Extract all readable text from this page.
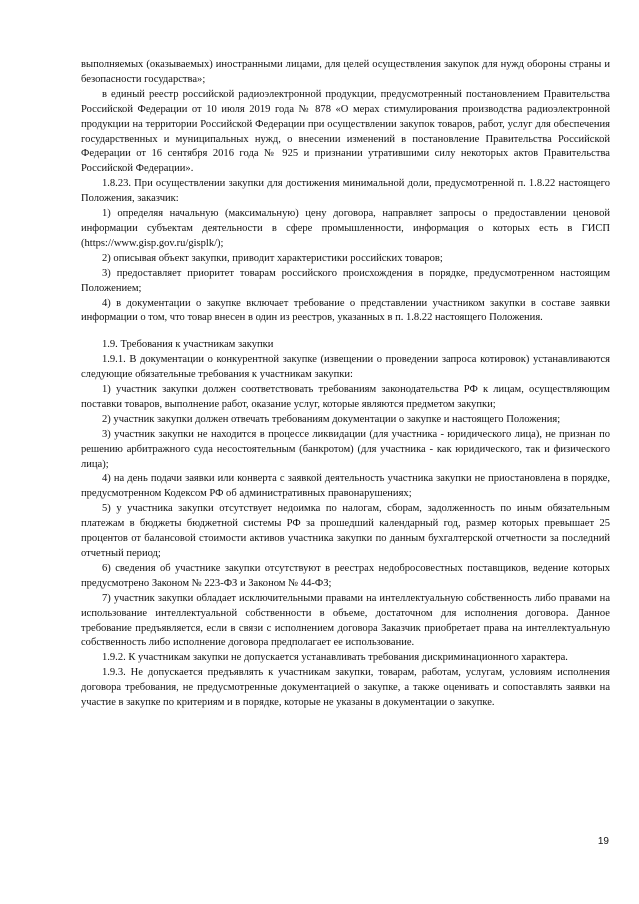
выполняемых (оказываемых) иностранными лицами, для целей осуществления закупок для нужд обороны страны и безопасности государства»;

в единый реестр российской радиоэлектронной продукции, предусмотренный постановлением Правительства Российской Федерации от 10 июля 2019 года № 878 «О мерах стимулирования производства радиоэлектронной продукции на территории Российской Федерации при осуществлении закупок товаров, работ, услуг для обеспечения государственных и муниципальных нужд, о внесении изменений в постановление Правительства Российской Федерации от 16 сентября 2016 года № 925 и признании утратившими силу некоторых актов Правительства Российской Федерации».

1.8.23. При осуществлении закупки для достижения минимальной доли, предусмотренной п. 1.8.22 настоящего Положения, заказчик:

1) определяя начальную (максимальную) цену договора, направляет запросы о предоставлении ценовой информации субъектам деятельности в сфере промышленности, информация о которых есть в ГИСП (https://www.gisp.gov.ru/gisplk/);

2) описывая объект закупки, приводит характеристики российских товаров;

3) предоставляет приоритет товарам российского происхождения в порядке, предусмотренном настоящим Положением;

4) в документации о закупке включает требование о представлении участником закупки в составе заявки информации о том, что товар внесен в один из реестров, указанных в п. 1.8.22 настоящего Положения.

1.9. Требования к участникам закупки

1.9.1. В документации о конкурентной закупке (извещении о проведении запроса котировок) устанавливаются следующие обязательные требования к участникам закупки:

1) участник закупки должен соответствовать требованиям законодательства РФ к лицам, осуществляющим поставки товаров, выполнение работ, оказание услуг, которые являются предметом закупки;

2) участник закупки должен отвечать требованиям документации о закупке и настоящего Положения;

3) участник закупки не находится в процессе ликвидации (для участника - юридического лица), не признан по решению арбитражного суда несостоятельным (банкротом) (для участника - как юридического, так и физического лица);

4) на день подачи заявки или конверта с заявкой деятельность участника закупки не приостановлена в порядке, предусмотренном Кодексом РФ об административных правонарушениях;

5) у участника закупки отсутствует недоимка по налогам, сборам, задолженность по иным обязательным платежам в бюджеты бюджетной системы РФ за прошедший календарный год, размер которых превышает 25 процентов от балансовой стоимости активов участника закупки по данным бухгалтерской отчетности за последний отчетный период;

6) сведения об участнике закупки отсутствуют в реестрах недобросовестных поставщиков, ведение которых предусмотрено Законом № 223-ФЗ и Законом № 44-ФЗ;

7) участник закупки обладает исключительными правами на интеллектуальную собственность либо правами на использование интеллектуальной собственности в объеме, достаточном для исполнения договора. Данное требование предъявляется, если в связи с исполнением договора Заказчик приобретает права на интеллектуальную собственность либо исполнение договора предполагает ее использование.

1.9.2. К участникам закупки не допускается устанавливать требования дискриминационного характера.

1.9.3. Не допускается предъявлять к участникам закупки, товарам, работам, услугам, условиям исполнения договора требования, не предусмотренные документацией о закупке, а также оценивать и сопоставлять заявки на участие в закупке по критериям и в порядке, которые не указаны в документации о закупке.

19
